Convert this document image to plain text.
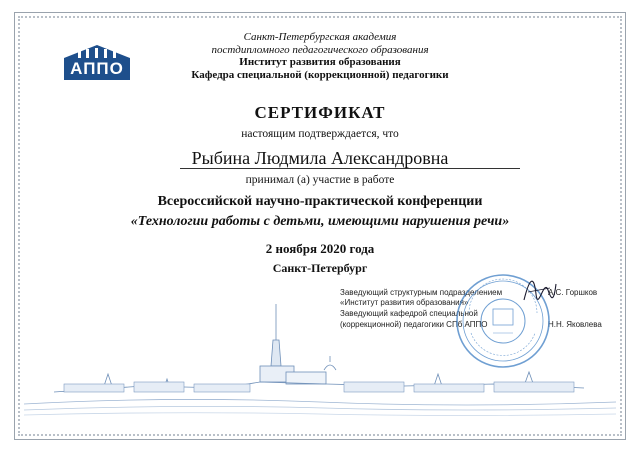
АППО
Санкт-Петербургская академия
постдипломного педагогического образования
Институт развития образования
Кафедра специальной (коррекционной) педагогики
СЕРТИФИКАТ
настоящим подтверждается, что
Рыбина Людмила Александровна
принимал (а) участие в работе
Всероссийской научно-практической конференции
«Технологии работы с детьми, имеющими нарушения речи»
2 ноября 2020 года
Санкт-Петербург
Заведующий структурным подразделением
«Институт развития образования»
А.С. Горшков
Заведующий кафедрой специальной
(коррекционной) педагогики СПб АППО	Н.Н. Яковлева
